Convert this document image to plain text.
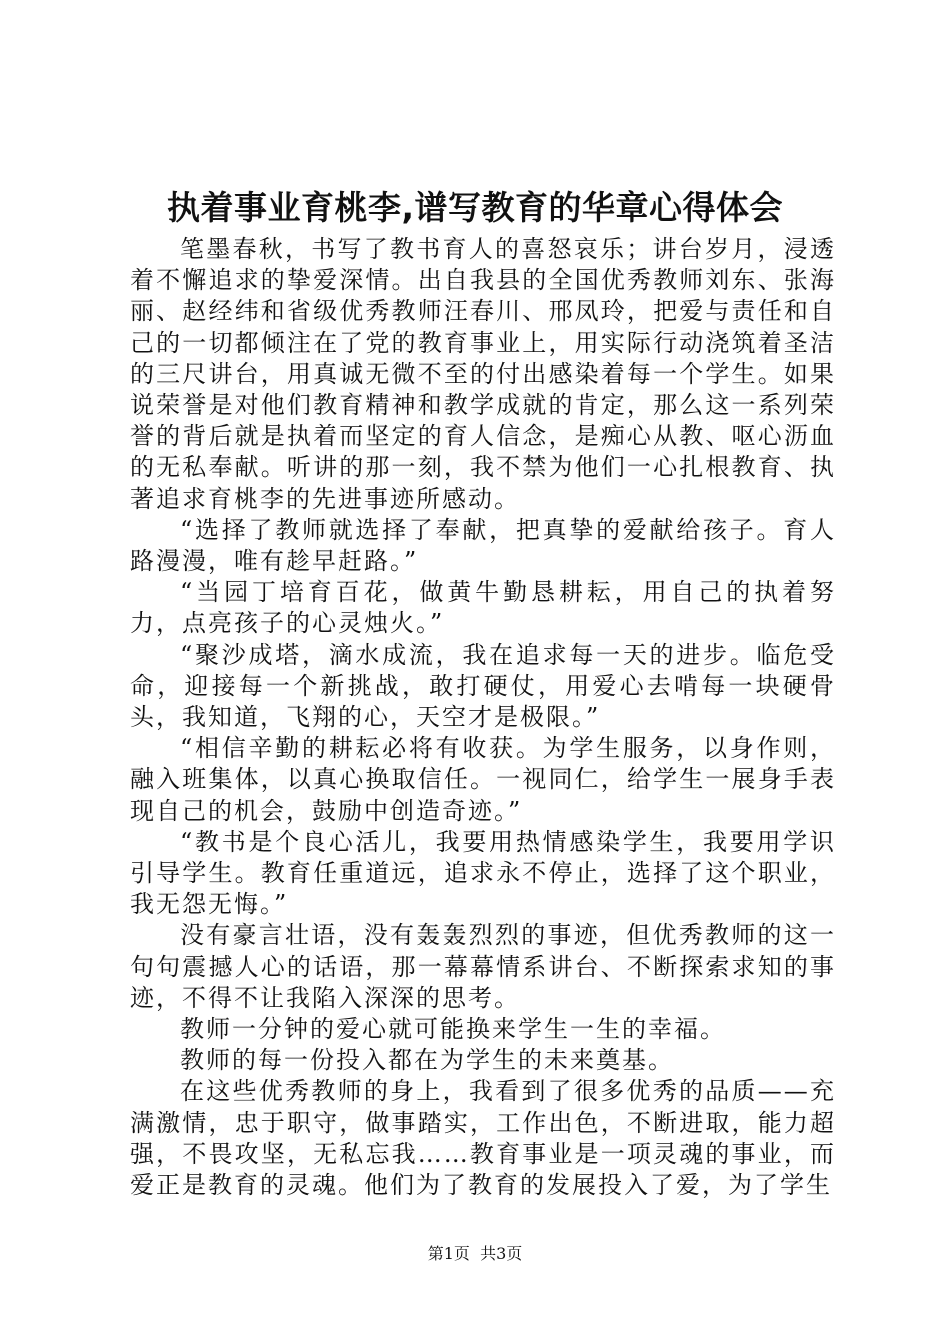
执着事业育桃李,谱写教育的华章心得体会

笔墨春秋，书写了教书育人的喜怒哀乐；讲台岁月，浸透着不懈追求的挚爱深情。出自我县的全国优秀教师刘东、张海丽、赵经纬和省级优秀教师汪春川、邢凤玲，把爱与责任和自己的一切都倾注在了党的教育事业上，用实际行动浇筑着圣洁的三尺讲台，用真诚无微不至的付出感染着每一个学生。如果说荣誉是对他们教育精神和教学成就的肯定，那么这一系列荣誉的背后就是执着而坚定的育人信念，是痴心从教、呕心沥血的无私奉献。听讲的那一刻，我不禁为他们一心扎根教育、执著追求育桃李的先进事迹所感动。

“选择了教师就选择了奉献，把真挚的爱献给孩子。育人路漫漫，唯有趁早赶路。”

“当园丁培育百花，做黄牛勤恳耕耘，用自己的执着努力，点亮孩子的心灵烛火。”

“聚沙成塔，滴水成流，我在追求每一天的进步。临危受命，迎接每一个新挑战，敢打硬仗，用爱心去啃每一块硬骨头，我知道，飞翔的心，天空才是极限。”

“相信辛勤的耕耘必将有收获。为学生服务，以身作则，融入班集体，以真心换取信任。一视同仁，给学生一展身手表现自己的机会，鼓励中创造奇迹。”

“教书是个良心活儿，我要用热情感染学生，我要用学识引导学生。教育任重道远，追求永不停止，选择了这个职业，我无怨无悔。”

没有豪言壮语，没有轰轰烈烈的事迹，但优秀教师的这一句句震撼人心的话语，那一幕幕情系讲台、不断探索求知的事迹，不得不让我陷入深深的思考。

教师一分钟的爱心就可能换来学生一生的幸福。

教师的每一份投入都在为学生的未来奠基。

在这些优秀教师的身上，我看到了很多优秀的品质——充满激情，忠于职守，做事踏实，工作出色，不断进取，能力超强，不畏攻坚，无私忘我……教育事业是一项灵魂的事业，而爱正是教育的灵魂。他们为了教育的发展投入了爱，为了学生

第1页  共3页
